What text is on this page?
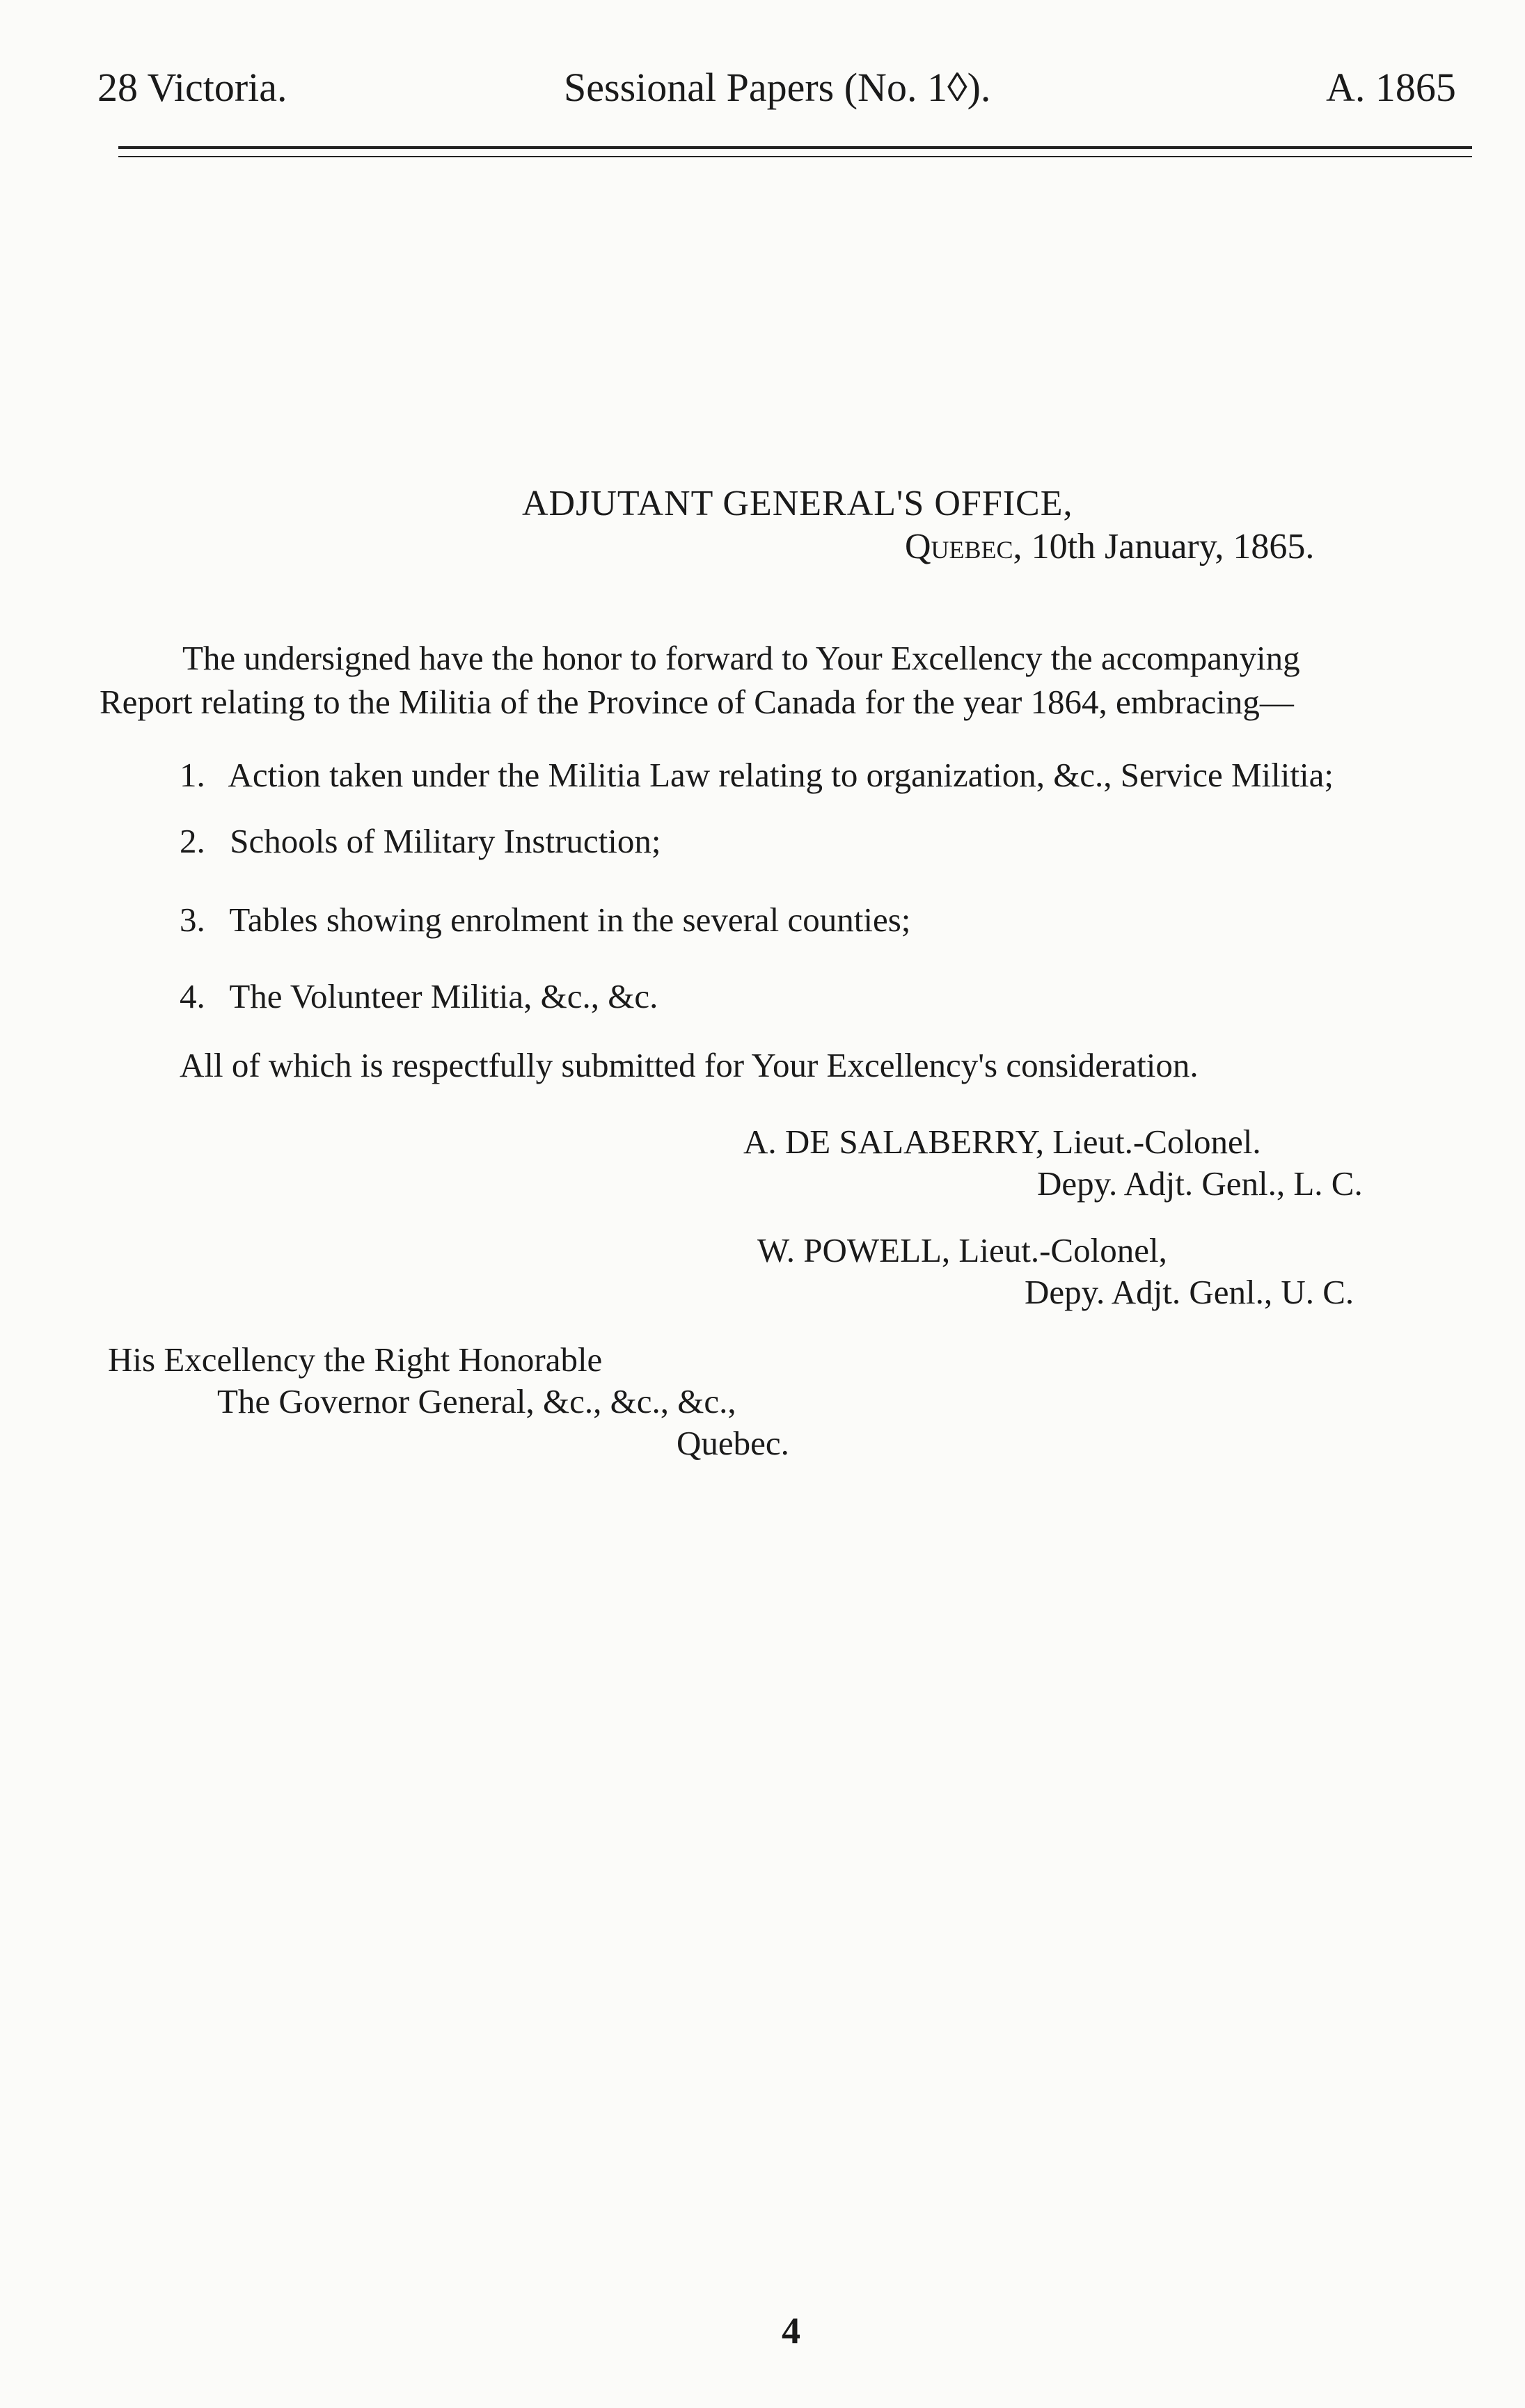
28 Victoria.	Sessional Papers (No. 1◊).	A. 1865
ADJUTANT GENERAL'S OFFICE,
Quebec, 10th January, 1865.
The undersigned have the honor to forward to Your Excellency the accompanying
Report relating to the Militia of the Province of Canada for the year 1864, embracing—
1. Action taken under the Militia Law relating to organization, &c., Service Militia;
2. Schools of Military Instruction;
3. Tables showing enrolment in the several counties;
4. The Volunteer Militia, &c., &c.
All of which is respectfully submitted for Your Excellency's consideration.
A. DE SALABERRY, Lieut.-Colonel.
Depy. Adjt. Genl., L. C.
W. POWELL, Lieut.-Colonel,
Depy. Adjt. Genl., U. C.
His Excellency the Right Honorable
The Governor General, &c., &c., &c.,
Quebec.
4
